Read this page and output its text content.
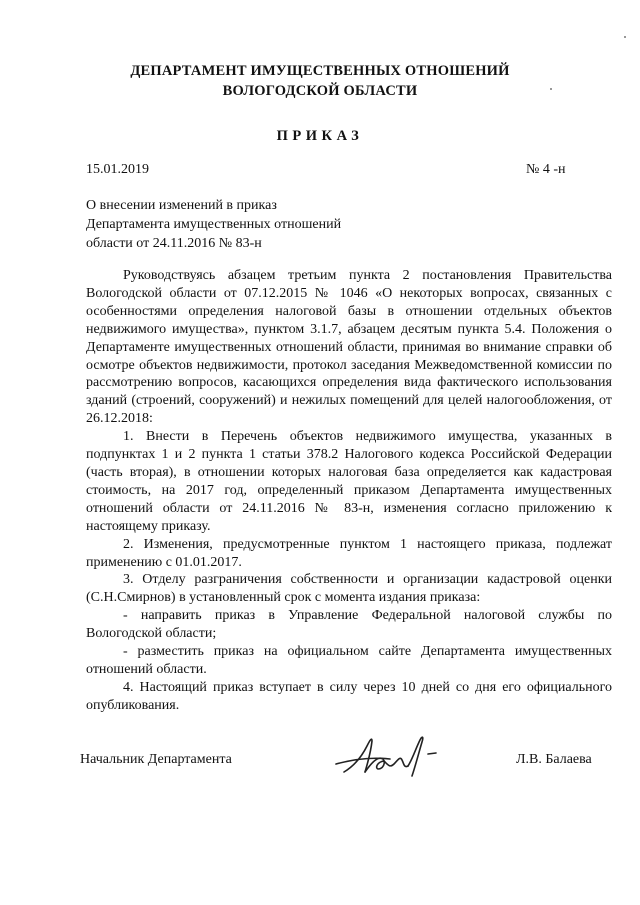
ДЕПАРТАМЕНТ ИМУЩЕСТВЕННЫХ ОТНОШЕНИЙ
ВОЛОГОДСКОЙ ОБЛАСТИ
ПРИКАЗ
15.01.2019	№ 4 -н
О внесении изменений в приказ
Департамента имущественных отношений
области от 24.11.2016 № 83-н
Руководствуясь абзацем третьим пункта 2 постановления Правительства Вологодской области от 07.12.2015 № 1046 «О некоторых вопросах, связанных с особенностями определения налоговой базы в отношении отдельных объектов недвижимого имущества», пунктом 3.1.7, абзацем десятым пункта 5.4. Положения о Департаменте имущественных отношений области, принимая во внимание справки об осмотре объектов недвижимости, протокол заседания Межведомственной комиссии по рассмотрению вопросов, касающихся определения вида фактического использования зданий (строений, сооружений) и нежилых помещений для целей налогообложения, от 26.12.2018:
1. Внести в Перечень объектов недвижимого имущества, указанных в подпунктах 1 и 2 пункта 1 статьи 378.2 Налогового кодекса Российской Федерации (часть вторая), в отношении которых налоговая база определяется как кадастровая стоимость, на 2017 год, определенный приказом Департамента имущественных отношений области от 24.11.2016 № 83-н, изменения согласно приложению к настоящему приказу.
2. Изменения, предусмотренные пунктом 1 настоящего приказа, подлежат применению с 01.01.2017.
3. Отделу разграничения собственности и организации кадастровой оценки (С.Н.Смирнов) в установленный срок с момента издания приказа:
- направить приказ в Управление Федеральной налоговой службы по Вологодской области;
- разместить приказ на официальном сайте Департамента имущественных отношений области.
4. Настоящий приказ вступает в силу через 10 дней со дня его официального опубликования.
Начальник Департамента	Л.В. Балаева
